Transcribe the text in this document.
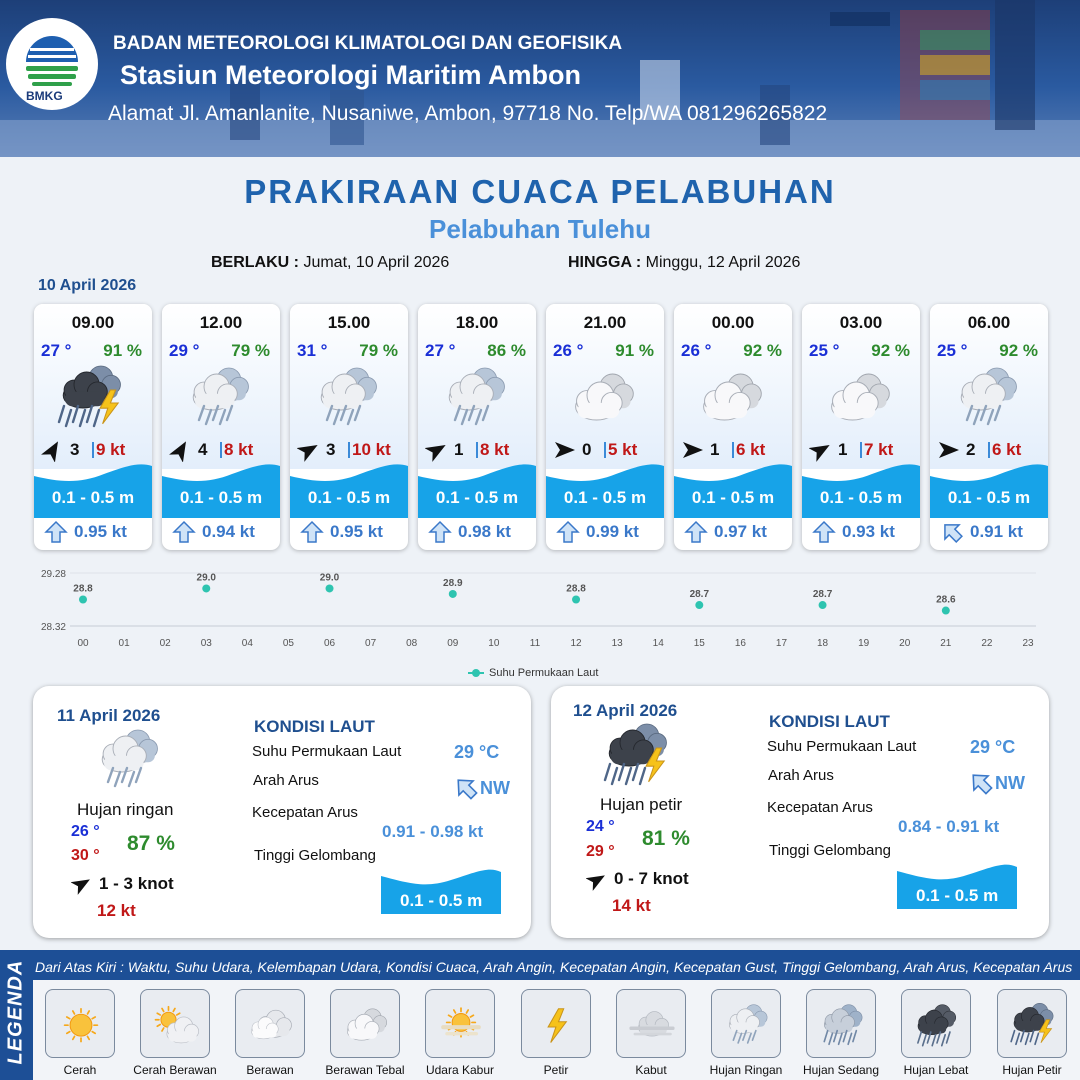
BMKG
BADAN METEOROLOGI KLIMATOLOGI DAN GEOFISIKA
Stasiun Meteorologi Maritim Ambon
Alamat Jl. Amanlanite, Nusaniwe, Ambon, 97718 No. Telp/WA 081296265822
PRAKIRAAN CUACA PELABUHAN
Pelabuhan Tulehu
BERLAKU : Jumat, 10 April 2026	HINGGA : Minggu, 12 April 2026
10 April 2026
09.00
27 ° 91 %
3 9 kt
0.1 - 0.5 m
0.95 kt
12.00
29 ° 79 %
4 8 kt
0.1 - 0.5 m
0.94 kt
15.00
31 ° 79 %
3 10 kt
0.1 - 0.5 m
0.95 kt
18.00
27 ° 86 %
1 8 kt
0.1 - 0.5 m
0.98 kt
21.00
26 ° 91 %
0 5 kt
0.1 - 0.5 m
0.99 kt
00.00
26 ° 92 %
1 6 kt
0.1 - 0.5 m
0.97 kt
03.00
25 ° 92 %
1 7 kt
0.1 - 0.5 m
0.93 kt
06.00
25 ° 92 %
2 6 kt
0.1 - 0.5 m
0.91 kt
29.28
28.32
00	01	02	03	04	05	06	07	08	09	10	11	12	13	14	15	16	17	18	19	20	21	22	23
28.8
29.0	29.0
28.9
28.8
28.7	28.7
28.6
Suhu Permukaan Laut
11 April 2026
Hujan ringan
26 °
30 °
87 %
1 - 3 knot
12 kt
KONDISI LAUT
Suhu Permukaan Laut	29 °C
Arah Arus	NW
Kecepatan Arus
0.91 - 0.98 kt
Tinggi Gelombang
0.1 - 0.5 m
12 April 2026
Hujan petir
24 °
29 °
81 %
0 - 7 knot
14 kt
KONDISI LAUT
Suhu Permukaan Laut	29 °C
Arah Arus	NW
Kecepatan Arus
0.84 - 0.91 kt
Tinggi Gelombang
0.1 - 0.5 m
LEGENDA Dari Atas Kiri : Waktu, Suhu Udara, Kelembapan Udara, Kondisi Cuaca, Arah Angin, Kecepatan Angin, Kecepatan Gust, Tinggi Gelombang, Arah Arus, Kecepatan Arus
Cerah	Cerah Berawan	Berawan	Berawan Tebal	Udara Kabur	Petir	Kabut	Hujan Ringan	Hujan Sedang	Hujan Lebat	Hujan Petir
